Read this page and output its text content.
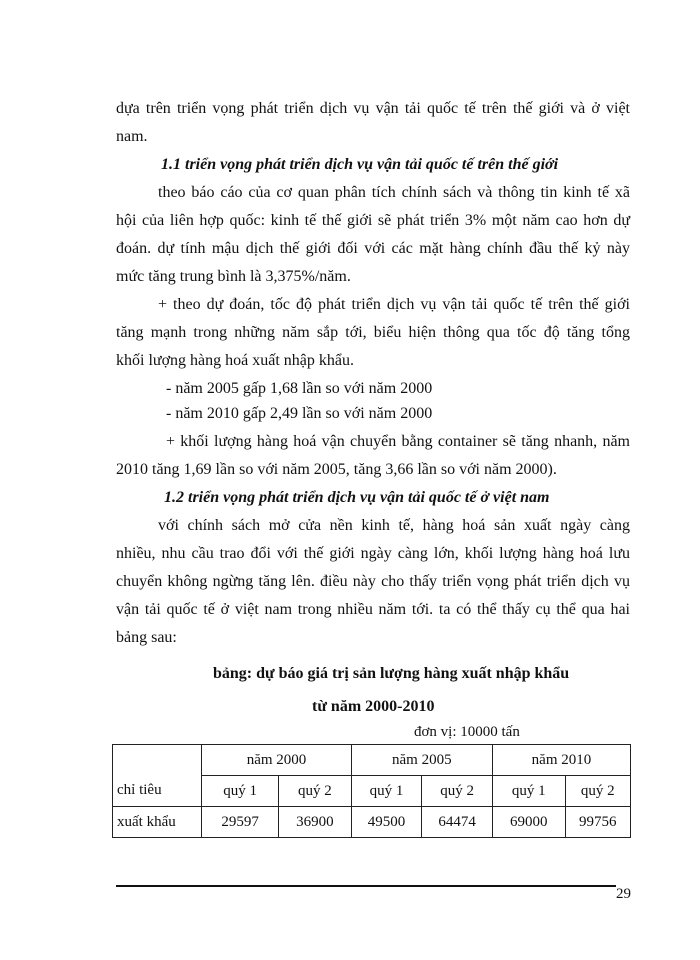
dựa trên triển vọng phát triển dịch vụ vận tải quốc tế trên thế giới và ở việt
nam.
1.1 triển vọng phát triển dịch vụ vận tải quốc tế trên thế giới
theo báo cáo của cơ quan phân tích chính sách và thông tin kinh tế xã
hội của liên hợp quốc: kinh tế thế giới sẽ phát triển 3% một năm cao hơn dự
đoán. dự tính mậu dịch thế giới đối với các mặt hàng chính đầu thế kỷ này
mức tăng trung bình là 3,375%/năm.
+ theo dự đoán, tốc độ phát triển dịch vụ vận tải quốc tế trên thế giới
tăng mạnh trong những năm sắp tới, biểu hiện thông qua tốc độ tăng tổng
khối lượng hàng hoá xuất nhập khẩu.
- năm 2005 gấp 1,68 lần so với năm 2000
- năm 2010 gấp 2,49 lần so với năm 2000
+ khối lượng hàng hoá vận chuyển bằng container sẽ tăng nhanh, năm
2010 tăng 1,69 lần so với năm 2005, tăng 3,66 lần so với năm 2000).
1.2 triển vọng phát triển dịch vụ vận tải quốc tế ở việt nam
với chính sách mở cửa nền kinh tế, hàng hoá sản xuất ngày càng
nhiều, nhu cầu trao đổi với thế giới ngày càng lớn, khối lượng hàng hoá lưu
chuyển không ngừng tăng lên. điều này cho thấy triển vọng phát triển dịch vụ
vận tải quốc tế ở việt nam trong nhiều năm tới. ta có thể thấy cụ thể qua hai
bảng sau:
bảng: dự báo giá trị sản lượng hàng xuất nhập khẩu
từ năm 2000-2010
đơn vị: 10000 tấn
	năm 2000		năm 2005		năm 2010	
chỉ tiêu	quý 1	quý 2	quý 1	quý 2	quý 1	quý 2
xuất khẩu	29597	36900	49500	64474	69000	99756
29
